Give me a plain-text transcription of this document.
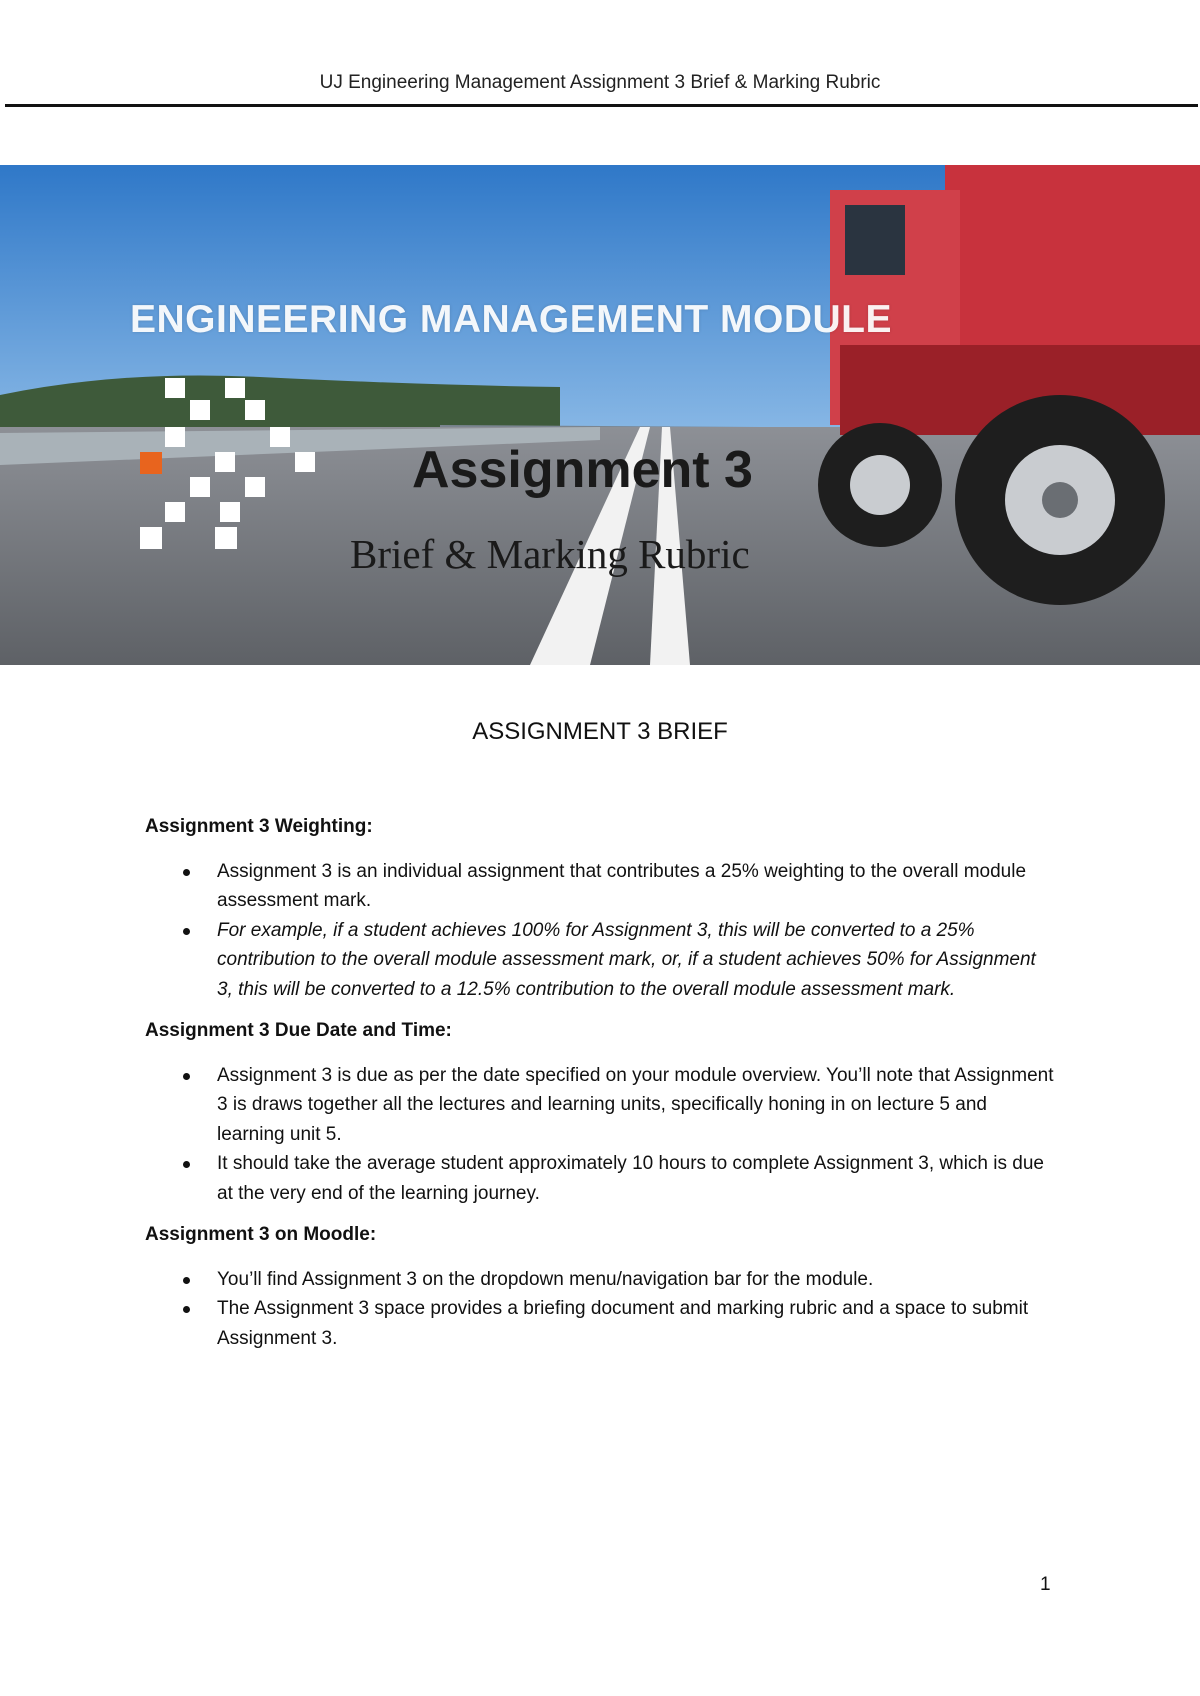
UJ Engineering Management Assignment 3 Brief & Marking Rubric
ENGINEERING MANAGEMENT MODULE
Assignment 3
Brief & Marking Rubric
ASSIGNMENT 3 BRIEF
Assignment 3 Weighting:
Assignment 3 is an individual assignment that contributes a 25% weighting to the overall module assessment mark.
For example, if a student achieves 100% for Assignment 3, this will be converted to a 25% contribution to the overall module assessment mark, or, if a student achieves 50% for Assignment 3, this will be converted to a 12.5% contribution to the overall module assessment mark.
Assignment 3 Due Date and Time:
Assignment 3 is due as per the date specified on your module overview. You’ll note that Assignment 3 is draws together all the lectures and learning units, specifically honing in on lecture 5 and learning unit 5.
It should take the average student approximately 10 hours to complete Assignment 3, which is due at the very end of the learning journey.
Assignment 3 on Moodle:
You’ll find Assignment 3 on the dropdown menu/navigation bar for the module.
The Assignment 3 space provides a briefing document and marking rubric and a space to submit Assignment 3.
1
